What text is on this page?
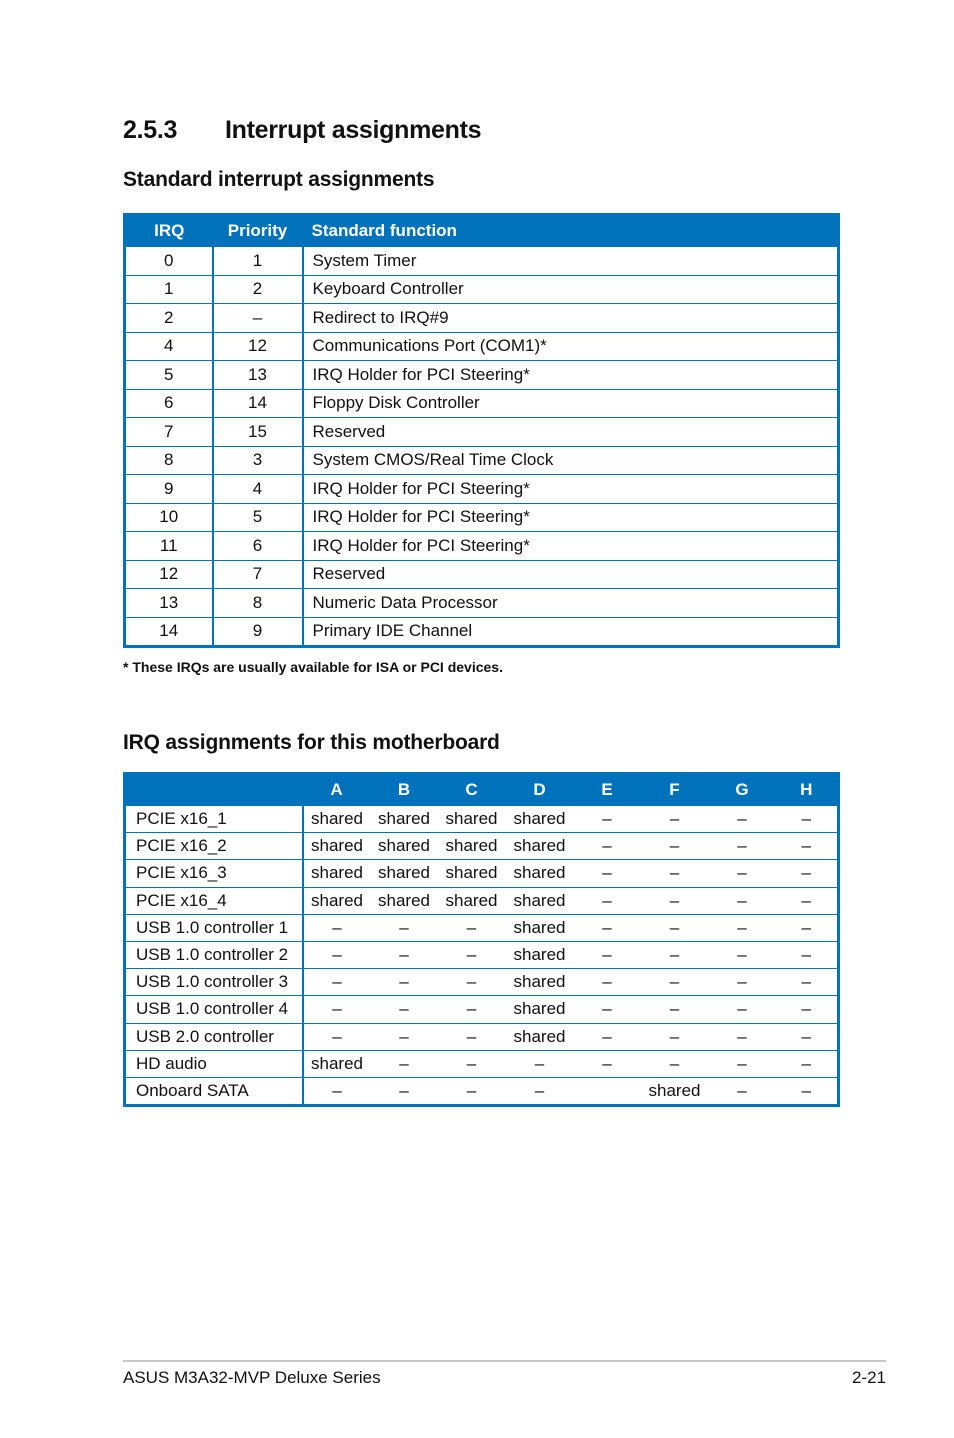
2.5.3 Interrupt assignments
Standard interrupt assignments
IRQ	Priority	Standard function
0	1	System Timer
1	2	Keyboard Controller
2	–	Redirect to IRQ#9
4	12	Communications Port (COM1)*
5	13	IRQ Holder for PCI Steering*
6	14	Floppy Disk Controller
7	15	Reserved
8	3	System CMOS/Real Time Clock
9	4	IRQ Holder for PCI Steering*
10	5	IRQ Holder for PCI Steering*
11	6	IRQ Holder for PCI Steering*
12	7	Reserved
13	8	Numeric Data Processor
14	9	Primary IDE Channel

* These IRQs are usually available for ISA or PCI devices.

IRQ assignments for this motherboard
	A	B	C	D	E	F	G	H
PCIE x16_1	shared	shared	shared	shared	–	–	–	–
PCIE x16_2	shared	shared	shared	shared	–	–	–	–
PCIE x16_3	shared	shared	shared	shared	–	–	–	–
PCIE x16_4	shared	shared	shared	shared	–	–	–	–
USB 1.0 controller 1	–	–	–	shared	–	–	–	–
USB 1.0 controller 2	–	–	–	shared	–	–	–	–
USB 1.0 controller 3	–	–	–	shared	–	–	–	–
USB 1.0 controller 4	–	–	–	shared	–	–	–	–
USB 2.0 controller	–	–	–	shared	–	–	–	–
HD audio	shared	–	–	–	–	–	–	–
Onboard SATA	–	–	–	–		shared	–	–
ASUS M3A32-MVP Deluxe Series	2-21
